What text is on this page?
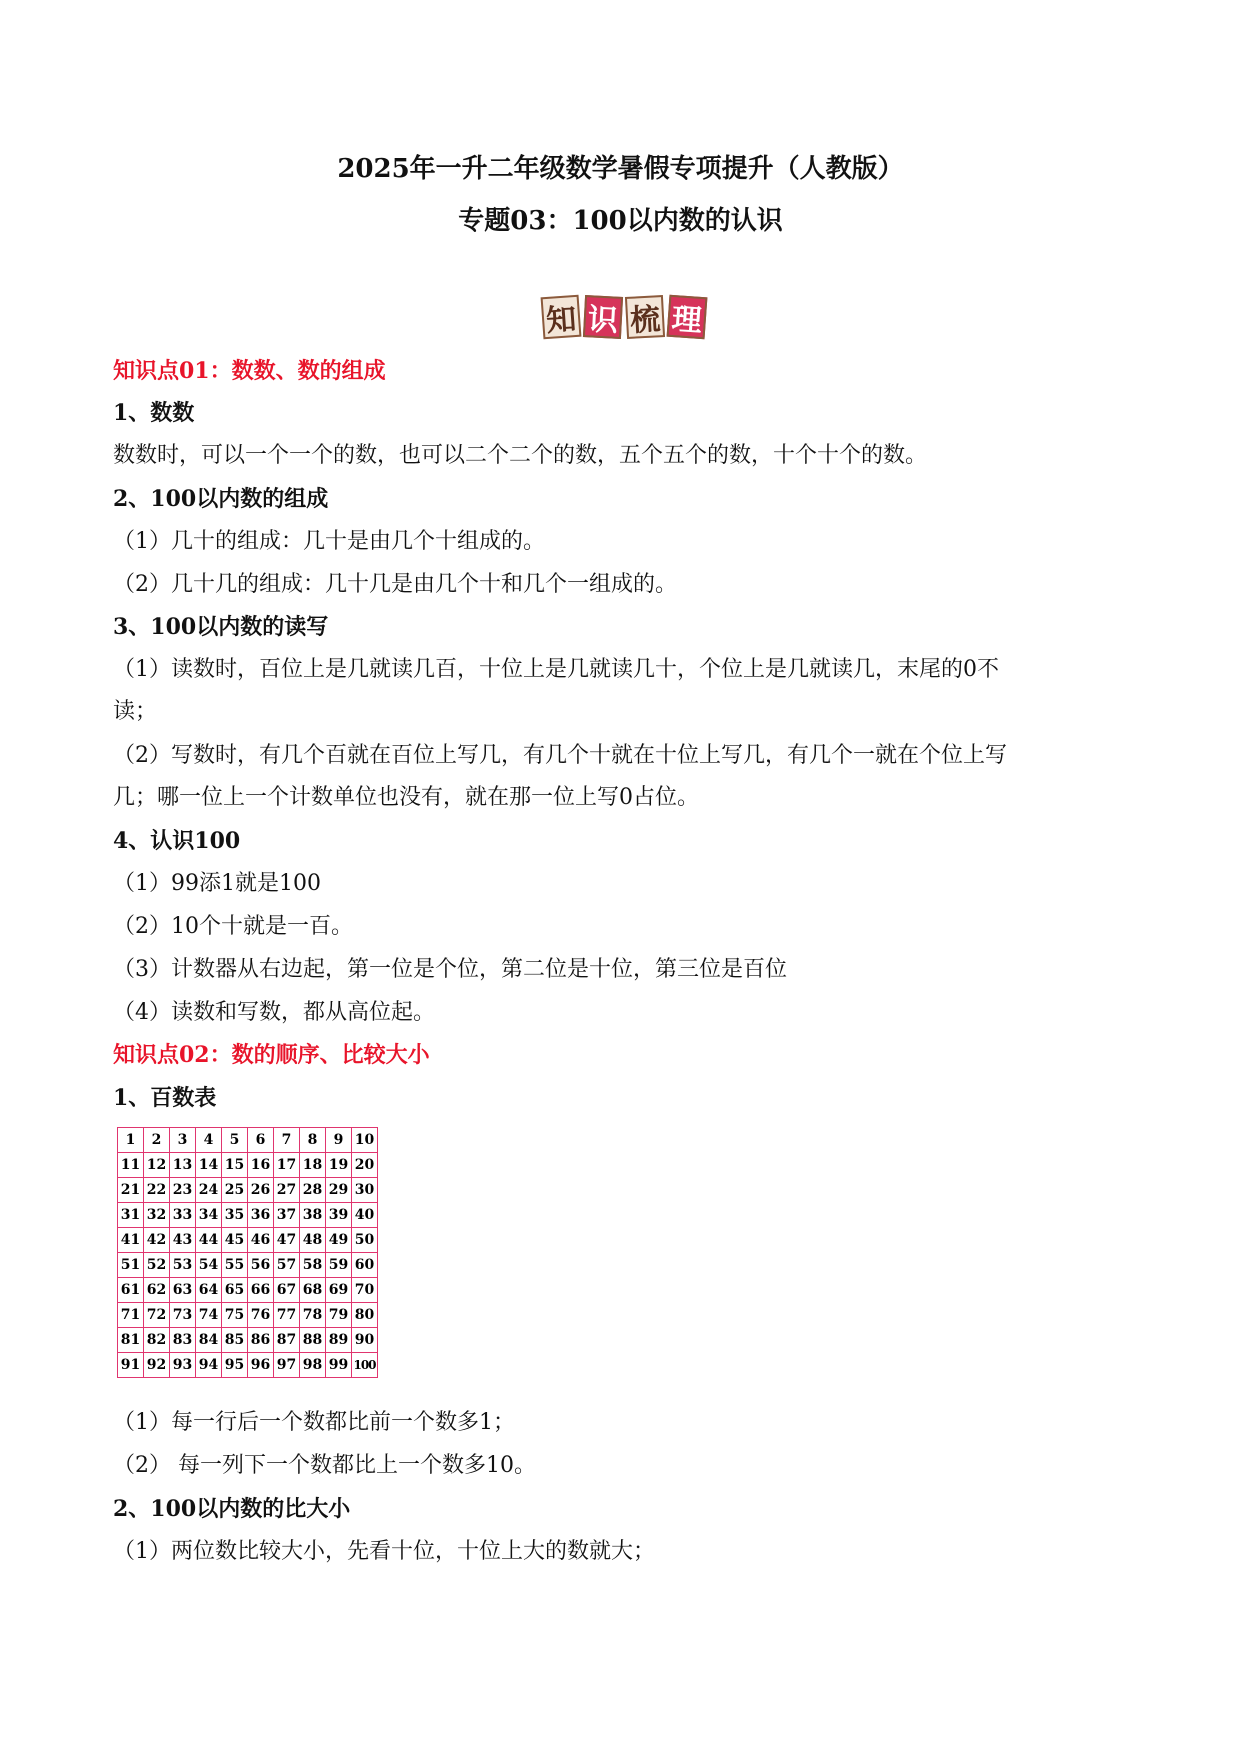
2025年一升二年级数学暑假专项提升（人教版）
专题03：100以内数的认识
知 识 梳 理
知识点01：数数、数的组成
1、数数
数数时，可以一个一个的数，也可以二个二个的数，五个五个的数，十个十个的数。
2、100以内数的组成
（1）几十的组成：几十是由几个十组成的。
（2）几十几的组成：几十几是由几个十和几个一组成的。
3、100以内数的读写
（1）读数时，百位上是几就读几百，十位上是几就读几十，个位上是几就读几，末尾的0不
读；
（2）写数时，有几个百就在百位上写几，有几个十就在十位上写几，有几个一就在个位上写
几；哪一位上一个计数单位也没有，就在那一位上写0占位。
4、认识100
（1）99添1就是100
（2）10个十就是一百。
（3）计数器从右边起，第一位是个位，第二位是十位，第三位是百位
（4）读数和写数，都从高位起。
知识点02：数的顺序、比较大小
1、百数表
1	2	3	4	5	6	7	8	9	10
11	12	13	14	15	16	17	18	19	20
21	22	23	24	25	26	27	28	29	30
31	32	33	34	35	36	37	38	39	40
41	42	43	44	45	46	47	48	49	50
51	52	53	54	55	56	57	58	59	60
61	62	63	64	65	66	67	68	69	70
71	72	73	74	75	76	77	78	79	80
81	82	83	84	85	86	87	88	89	90
91	92	93	94	95	96	97	98	99	100
（1）每一行后一个数都比前一个数多1；
（2） 每一列下一个数都比上一个数多10。
2、100以内数的比大小
（1）两位数比较大小，先看十位，十位上大的数就大；
